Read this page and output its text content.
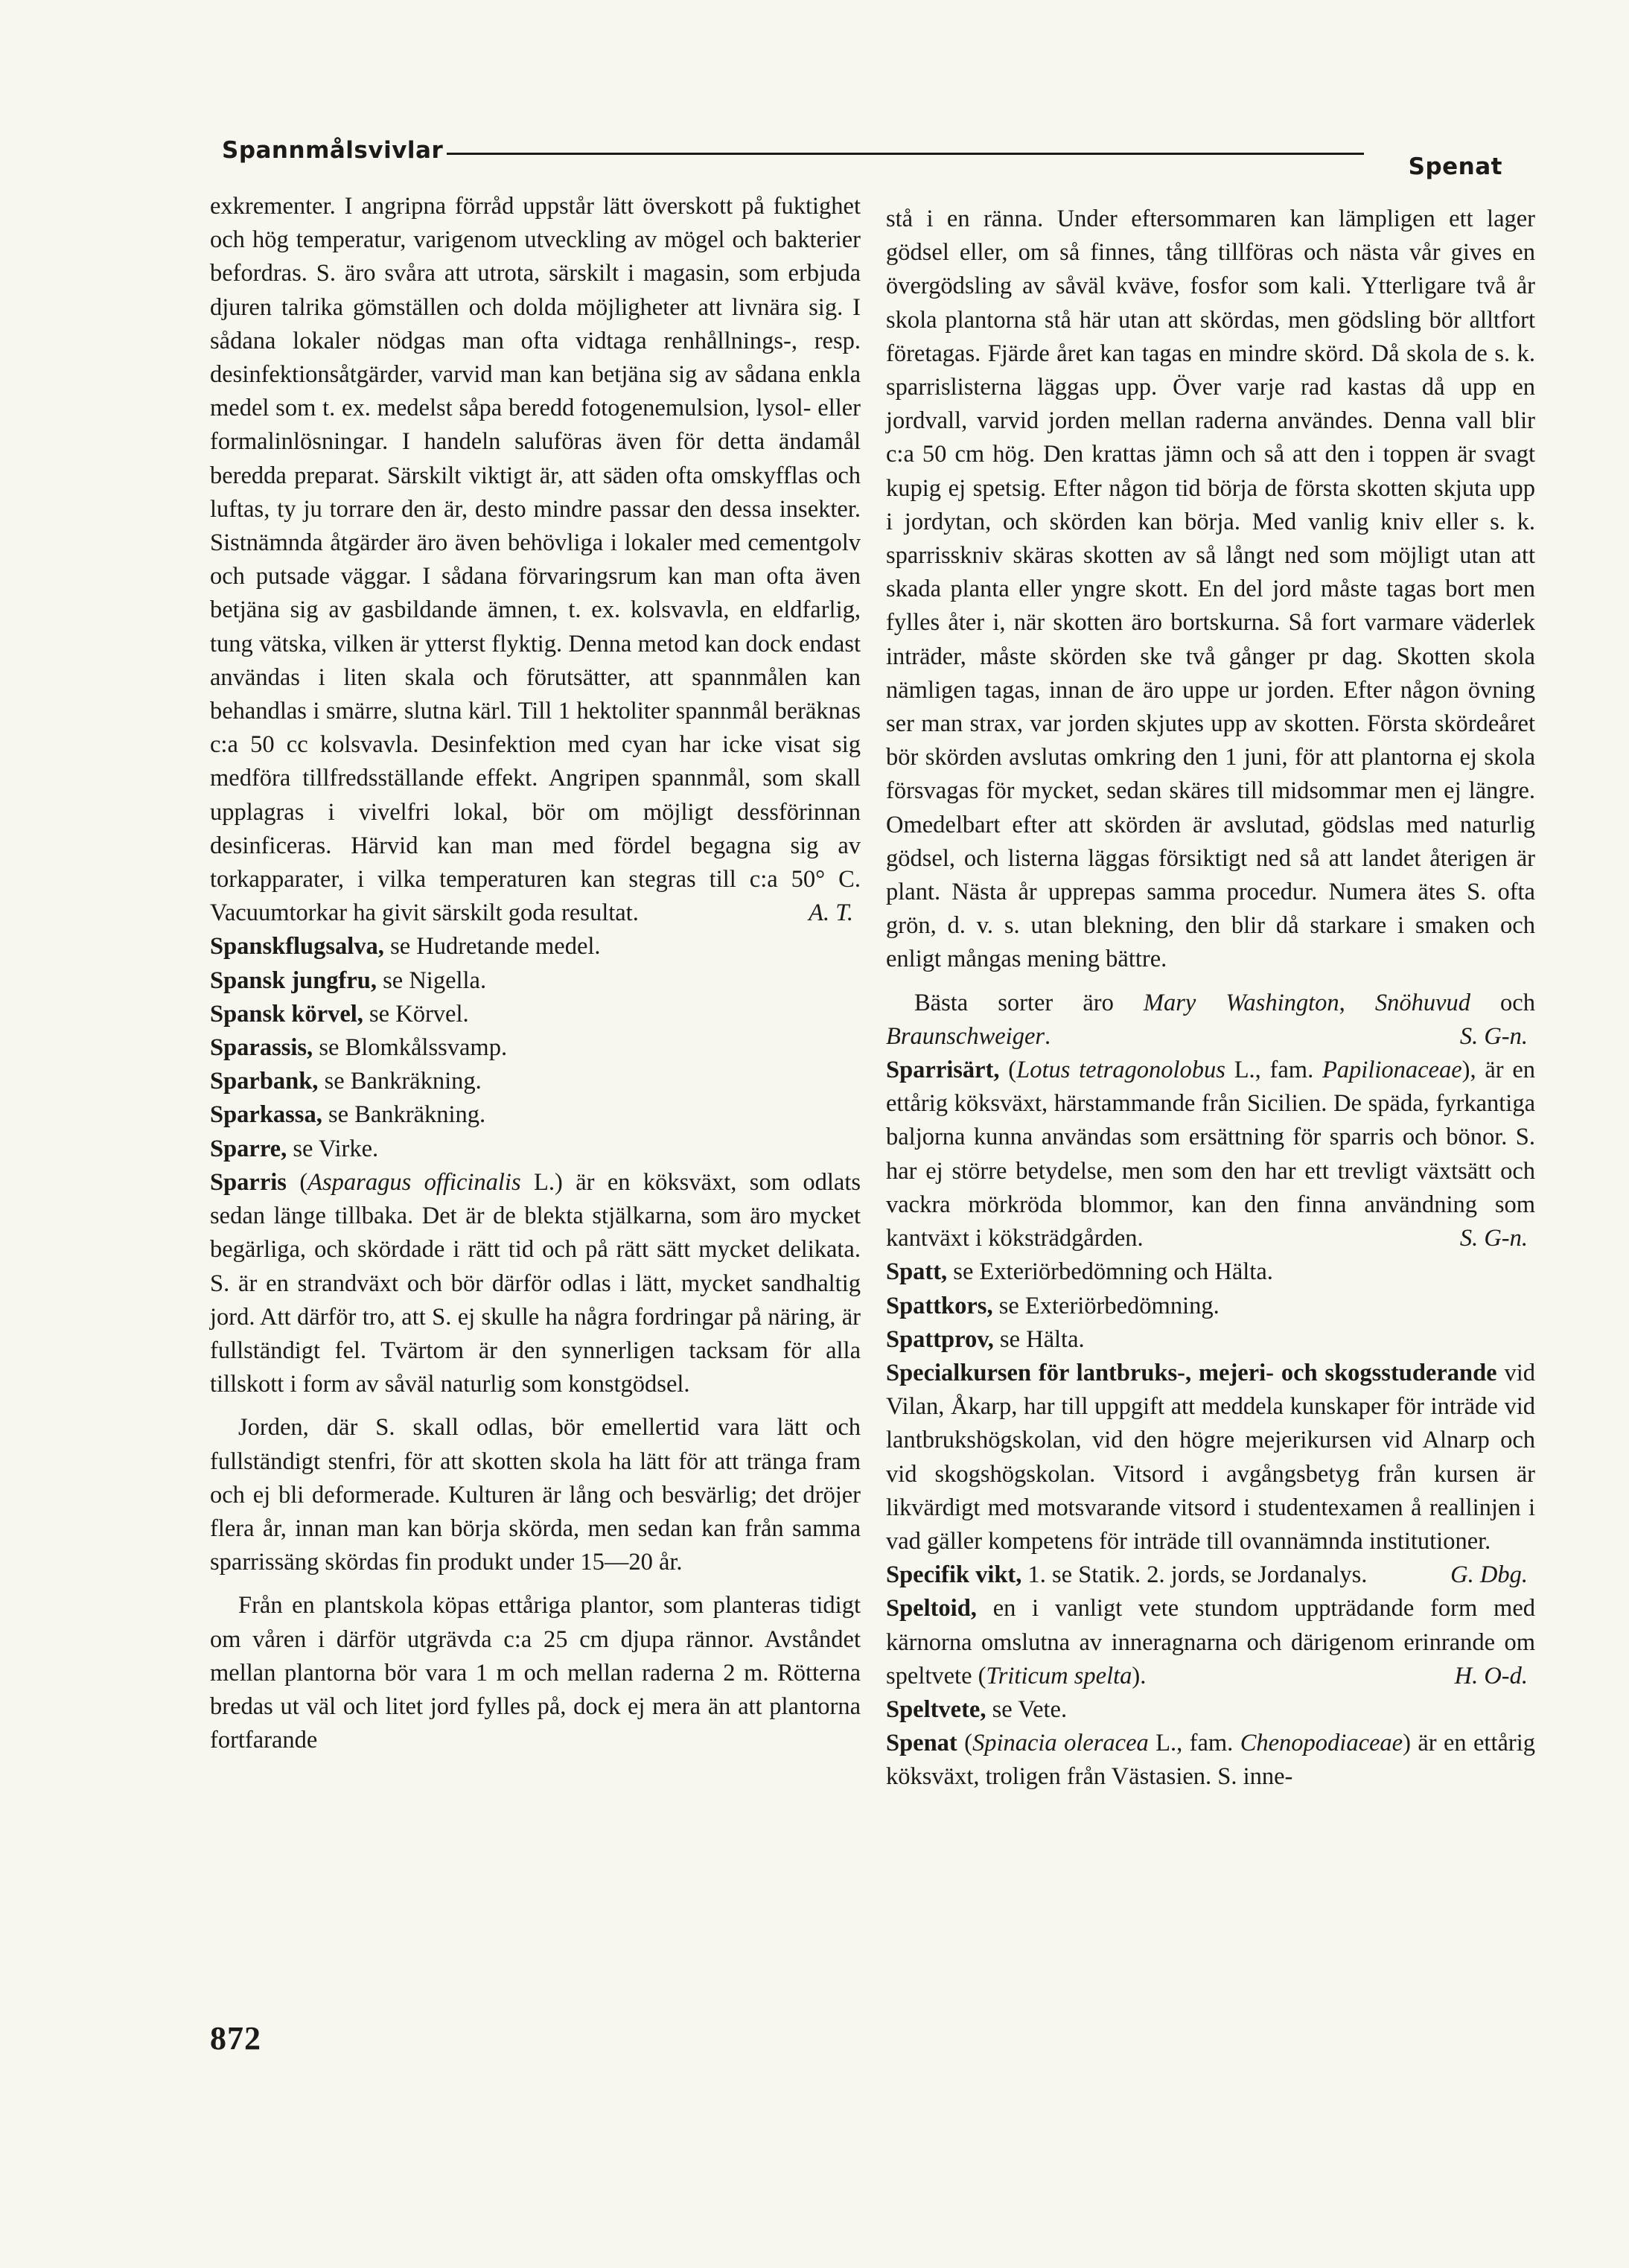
Spannmålsvivlar
Spenat

exkrementer. I angripna förråd uppstår lätt överskott på fuktighet och hög temperatur, varigenom utveckling av mögel och bakterier befordras. S. äro svåra att utrota, särskilt i magasin, som erbjuda djuren talrika gömställen och dolda möjligheter att livnära sig. I sådana lokaler nödgas man ofta vidtaga renhållnings-, resp. desinfektionsåtgärder, varvid man kan betjäna sig av sådana enkla medel som t. ex. medelst såpa beredd fotogenemulsion, lysol- eller formalinlösningar. I handeln saluföras även för detta ändamål beredda preparat. Särskilt viktigt är, att säden ofta omskyfflas och luftas, ty ju torrare den är, desto mindre passar den dessa insekter. Sistnämnda åtgärder äro även behövliga i lokaler med cementgolv och putsade väggar. I sådana förvaringsrum kan man ofta även betjäna sig av gasbildande ämnen, t. ex. kolsvavla, en eldfarlig, tung vätska, vilken är ytterst flyktig. Denna metod kan dock endast användas i liten skala och förutsätter, att spannmålen kan behandlas i smärre, slutna kärl. Till 1 hektoliter spannmål beräknas c:a 50 cc kolsvavla. Desinfektion med cyan har icke visat sig medföra tillfredsställande effekt. Angripen spannmål, som skall upplagras i vivelfri lokal, bör om möjligt dessförinnan desinficeras. Härvid kan man med fördel begagna sig av torkapparater, i vilka temperaturen kan stegras till c:a 50° C. Vacuumtorkar ha givit särskilt goda resultat.	A. T.

Spanskflugsalva, se Hudretande medel.

Spansk jungfru, se Nigella.

Spansk körvel, se Körvel.

Sparassis, se Blomkålssvamp.

Sparbank, se Bankräkning.

Sparkassa, se Bankräkning.

Sparre, se Virke.

Sparris (Asparagus officinalis L.) är en köksväxt, som odlats sedan länge tillbaka. Det är de blekta stjälkarna, som äro mycket begärliga, och skördade i rätt tid och på rätt sätt mycket delikata. S. är en strandväxt och bör därför odlas i lätt, mycket sandhaltig jord. Att därför tro, att S. ej skulle ha några fordringar på näring, är fullständigt fel. Tvärtom är den synnerligen tacksam för alla tillskott i form av såväl naturlig som konstgödsel.

Jorden, där S. skall odlas, bör emellertid vara lätt och fullständigt stenfri, för att skotten skola ha lätt för att tränga fram och ej bli deformerade. Kulturen är lång och besvärlig; det dröjer flera år, innan man kan börja skörda, men sedan kan från samma sparrissäng skördas fin produkt under 15—20 år.

Från en plantskola köpas ettåriga plantor, som planteras tidigt om våren i därför utgrävda c:a 25 cm djupa rännor. Avståndet mellan plantorna bör vara 1 m och mellan raderna 2 m. Rötterna bredas ut väl och litet jord fylles på, dock ej mera än att plantorna fortfarande

stå i en ränna. Under eftersommaren kan lämpligen ett lager gödsel eller, om så finnes, tång tillföras och nästa vår gives en övergödsling av såväl kväve, fosfor som kali. Ytterligare två år skola plantorna stå här utan att skördas, men gödsling bör alltfort företagas. Fjärde året kan tagas en mindre skörd. Då skola de s. k. sparrislisterna läggas upp. Över varje rad kastas då upp en jordvall, varvid jorden mellan raderna användes. Denna vall blir c:a 50 cm hög. Den krattas jämn och så att den i toppen är svagt kupig ej spetsig. Efter någon tid börja de första skotten skjuta upp i jordytan, och skörden kan börja. Med vanlig kniv eller s. k. sparrisskniv skäras skotten av så långt ned som möjligt utan att skada planta eller yngre skott. En del jord måste tagas bort men fylles åter i, när skotten äro bortskurna. Så fort varmare väderlek inträder, måste skörden ske två gånger pr dag. Skotten skola nämligen tagas, innan de äro uppe ur jorden. Efter någon övning ser man strax, var jorden skjutes upp av skotten. Första skördeåret bör skörden avslutas omkring den 1 juni, för att plantorna ej skola försvagas för mycket, sedan skäres till midsommar men ej längre. Omedelbart efter att skörden är avslutad, gödslas med naturlig gödsel, och listerna läggas försiktigt ned så att landet återigen är plant. Nästa år upprepas samma procedur. Numera ätes S. ofta grön, d. v. s. utan blekning, den blir då starkare i smaken och enligt mångas mening bättre.

Bästa sorter äro Mary Washington, Snöhuvud och Braunschweiger.	S. G-n.

Sparrisärt, (Lotus tetragonolobus L., fam. Papilionaceae), är en ettårig köksväxt, härstammande från Sicilien. De späda, fyrkantiga baljorna kunna användas som ersättning för sparris och bönor. S. har ej större betydelse, men som den har ett trevligt växtsätt och vackra mörkröda blommor, kan den finna användning som kantväxt i köksträdgården.	S. G-n.

Spatt, se Exteriörbedömning och Hälta.

Spattkors, se Exteriörbedömning.

Spattprov, se Hälta.

Specialkursen för lantbruks-, mejeri- och skogsstuderande vid Vilan, Åkarp, har till uppgift att meddela kunskaper för inträde vid lantbrukshögskolan, vid den högre mejerikursen vid Alnarp och vid skogshögskolan. Vitsord i avgångsbetyg från kursen är likvärdigt med motsvarande vitsord i studentexamen å reallinjen i vad gäller kompetens för inträde till ovannämnda institutioner.
G. Dbg.

Specifik vikt, 1. se Statik. 2. jords, se Jordanalys.

Speltoid, en i vanligt vete stundom uppträdande form med kärnorna omslutna av inneragnarna och därigenom erinrande om speltvete (Triticum spelta).	H. O-d.

Speltvete, se Vete.

Spenat (Spinacia oleracea L., fam. Chenopodiaceae) är en ettårig köksväxt, troligen från Västasien. S. inne-

872
